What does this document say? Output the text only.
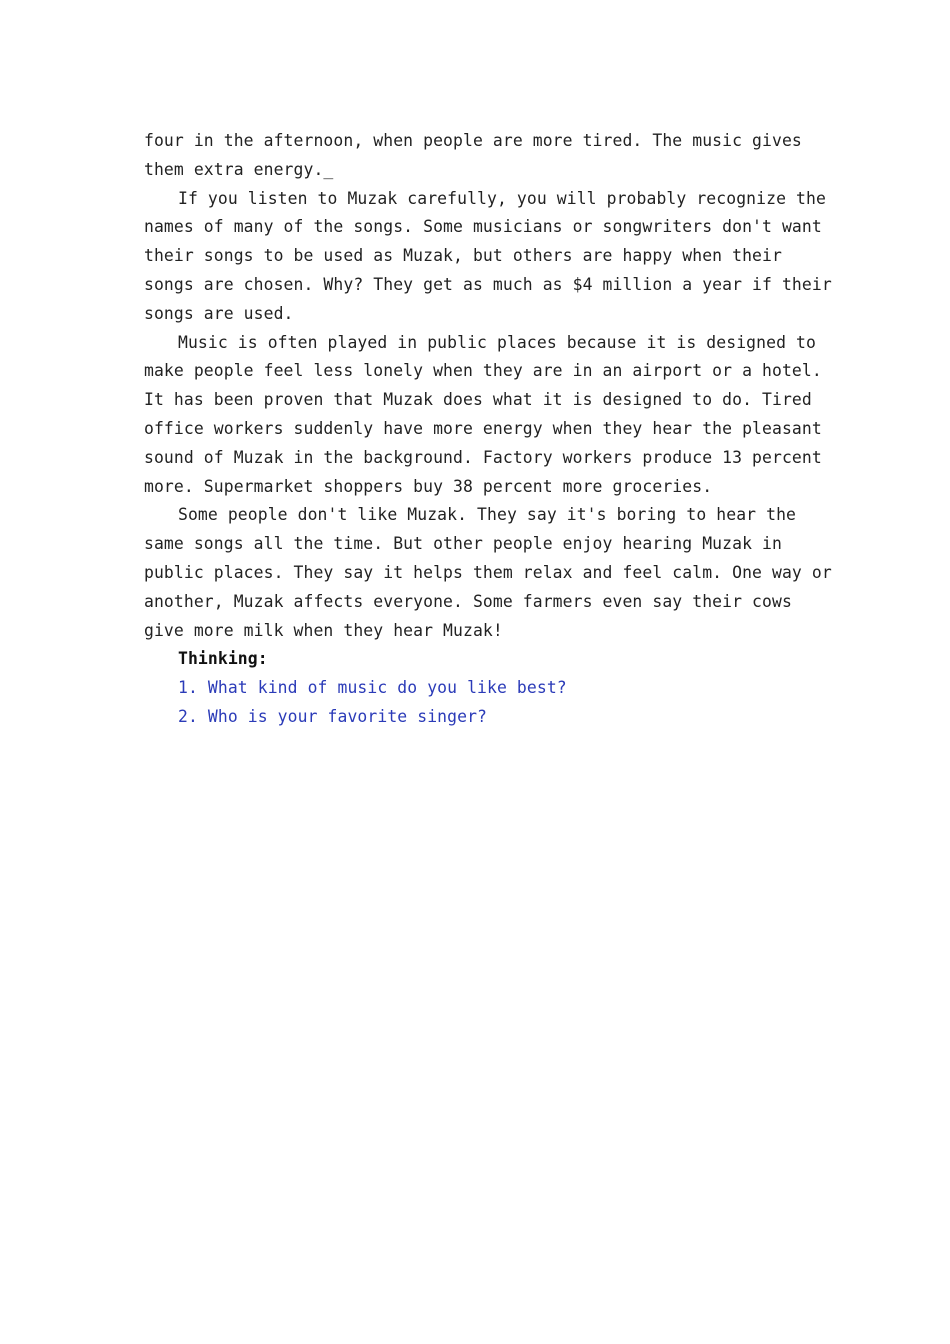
four in the afternoon, when people are more tired. The music gives
them extra energy._
If you listen to Muzak carefully, you will probably recognize the
names of many of the songs. Some musicians or songwriters don't want
their songs to be used as Muzak, but others are happy when their
songs are chosen. Why? They get as much as $4 million a year if their
songs are used.
Music is often played in public places because it is designed to
make people feel less lonely when they are in an airport or a hotel.
It has been proven that Muzak does what it is designed to do. Tired
office workers suddenly have more energy when they hear the pleasant
sound of Muzak in the background. Factory workers produce 13 percent
more. Supermarket shoppers buy 38 percent more groceries.
Some people don't like Muzak. They say it's boring to hear the
same songs all the time. But other people enjoy hearing Muzak in
public places. They say it helps them relax and feel calm. One way or
another, Muzak affects everyone. Some farmers even say their cows
give more milk when they hear Muzak!
Thinking:
1. What kind of music do you like best?
2. Who is your favorite singer?
